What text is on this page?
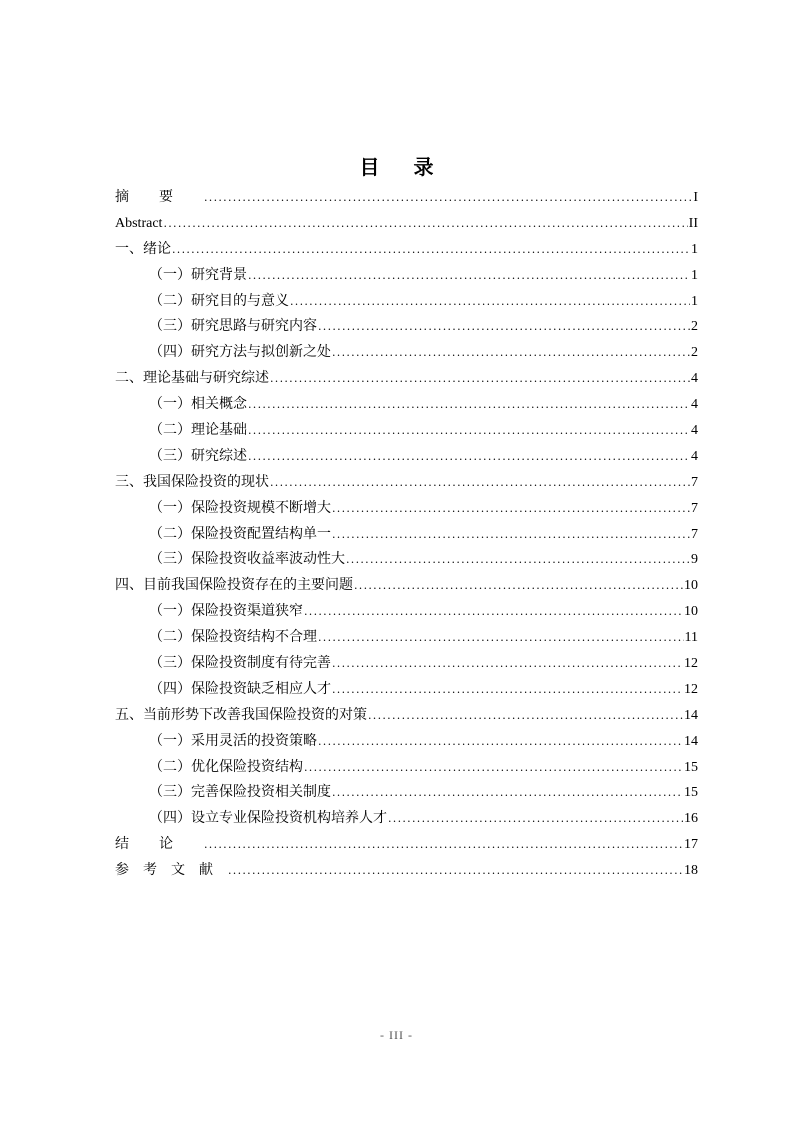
目 录
摘要 .....	I
Abstract .....	II
一、绪论 .....	1
（一）研究背景 .....	1
（二）研究目的与意义 .....	1
（三）研究思路与研究内容 .....	2
（四）研究方法与拟创新之处 .....	2
二、理论基础与研究综述 .....	4
（一）相关概念 .....	4
（二）理论基础 .....	4
（三）研究综述 .....	4
三、我国保险投资的现状 .....	7
（一）保险投资规模不断增大 .....	7
（二）保险投资配置结构单一 .....	7
（三）保险投资收益率波动性大 .....	9
四、目前我国保险投资存在的主要问题 .....	10
（一）保险投资渠道狭窄 .....	10
（二）保险投资结构不合理 .....	11
（三）保险投资制度有待完善 .....	12
（四）保险投资缺乏相应人才 .....	12
五、当前形势下改善我国保险投资的对策 .....	14
（一）采用灵活的投资策略 .....	14
（二）优化保险投资结构 .....	15
（三）完善保险投资相关制度 .....	15
（四）设立专业保险投资机构培养人才 .....	16
结论 .....	17
参考文献 .....	18
- III -
